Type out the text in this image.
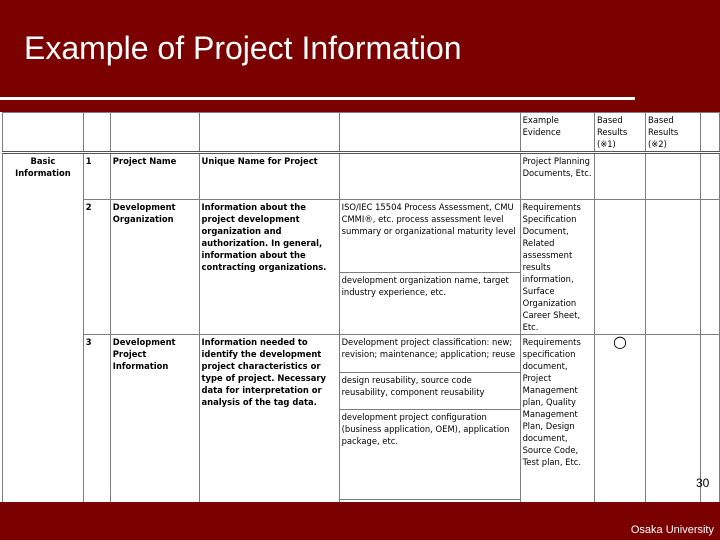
Example of Project Information
					Example Evidence	Based Results (※1)	Based Results (※2)	
Basic Information	1	Project Name	Unique Name for Project		Project Planning Documents, Etc.			
	2	Development Organization	Information about the project development organization and authorization. In general, information about the contracting organizations.	ISO/IEC 15504 Process Assessment, CMU CMMI®, etc. process assessment level summary or organizational maturity level	Requirements Specification Document, Related assessment results information, Surface Organization Career Sheet, Etc.			
				development organization name, target industry experience, etc.				
	3	Development Project Information	Information needed to identify the development project characteristics or type of project. Necessary data for interpretation or analysis of the tag data.	Development project classification: new; revision; maintenance; application; reuse	Requirements specification document, Project Management plan, Quality Management Plan, Design document, Source Code, Test plan, Etc.	○		
				design reusability, source code reusability, component reusability				
				development project configuration (business application, OEM), application package, etc.				

30
Osaka University
